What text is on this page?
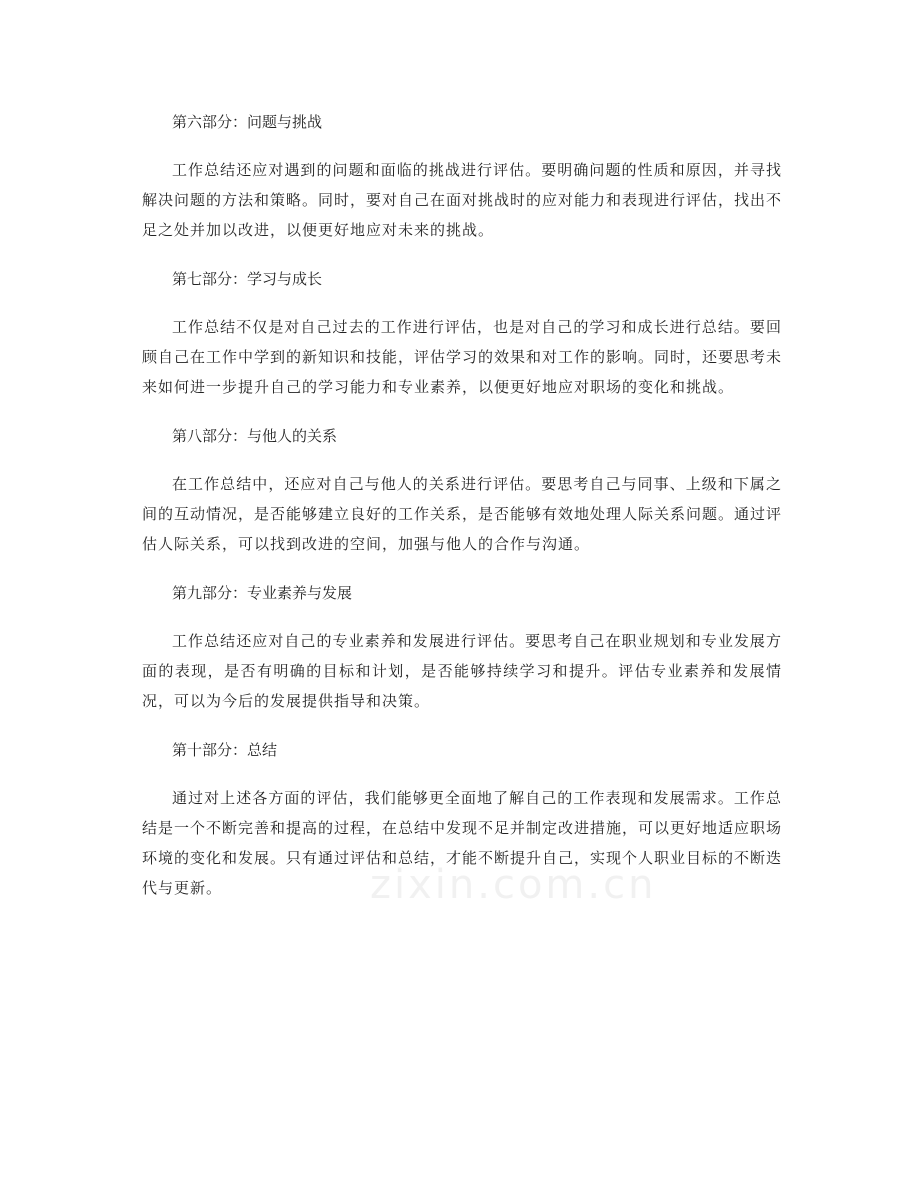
第六部分：问题与挑战

工作总结还应对遇到的问题和面临的挑战进行评估。要明确问题的性质和原因，并寻找解决问题的方法和策略。同时，要对自己在面对挑战时的应对能力和表现进行评估，找出不足之处并加以改进，以便更好地应对未来的挑战。

第七部分：学习与成长

工作总结不仅是对自己过去的工作进行评估，也是对自己的学习和成长进行总结。要回顾自己在工作中学到的新知识和技能，评估学习的效果和对工作的影响。同时，还要思考未来如何进一步提升自己的学习能力和专业素养，以便更好地应对职场的变化和挑战。

第八部分：与他人的关系

在工作总结中，还应对自己与他人的关系进行评估。要思考自己与同事、上级和下属之间的互动情况，是否能够建立良好的工作关系，是否能够有效地处理人际关系问题。通过评估人际关系，可以找到改进的空间，加强与他人的合作与沟通。

第九部分：专业素养与发展

工作总结还应对自己的专业素养和发展进行评估。要思考自己在职业规划和专业发展方面的表现，是否有明确的目标和计划，是否能够持续学习和提升。评估专业素养和发展情况，可以为今后的发展提供指导和决策。

第十部分：总结

通过对上述各方面的评估，我们能够更全面地了解自己的工作表现和发展需求。工作总结是一个不断完善和提高的过程，在总结中发现不足并制定改进措施，可以更好地适应职场环境的变化和发展。只有通过评估和总结，才能不断提升自己，实现个人职业目标的不断迭代与更新。	zixin.com.cn
